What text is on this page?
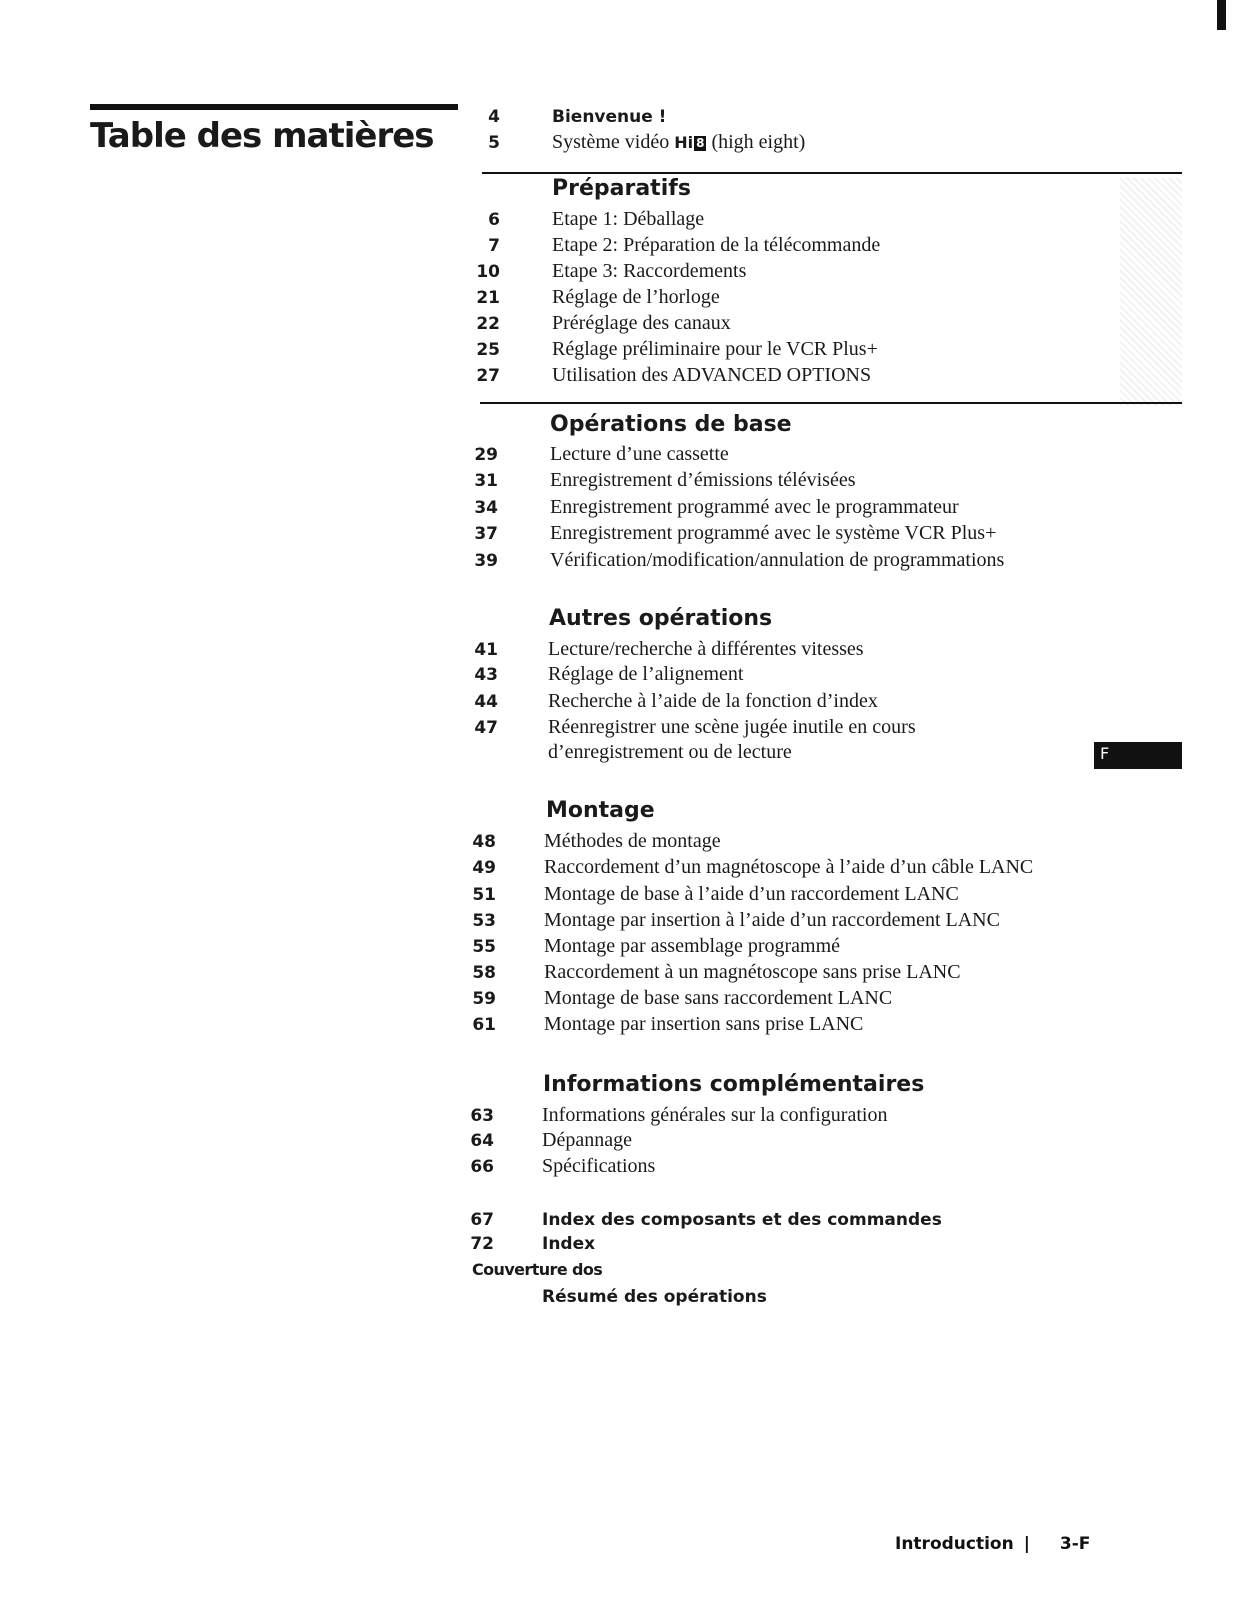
Table des matières	4	Bienvenue !
5	Système vidéo Hi 8 (high eight)
Préparatifs
6	Etape 1: Déballage
7	Etape 2: Préparation de la télécommande
10	Etape 3: Raccordements
21	Réglage de l’horloge
22	Préréglage des canaux
25	Réglage préliminaire pour le VCR Plus+
27	Utilisation des ADVANCED OPTIONS
Opérations de base
29	Lecture d’une cassette
31	Enregistrement d’émissions télévisées
34	Enregistrement programmé avec le programmateur
37	Enregistrement programmé avec le système VCR Plus+
39	Vérification/modification/annulation de programmations
Autres opérations
41	Lecture/recherche à différentes vitesses
43	Réglage de l’alignement
44	Recherche à l’aide de la fonction d’index
47	Réenregistrer une scène jugée inutile en cours
d’enregistrement ou de lecture	F
Montage
48 Méthodes de montage
49 Raccordement d’un magnétoscope à l’aide d’un câble LANC
51 Montage de base à l’aide d’un raccordement LANC
53 Montage par insertion à l’aide d’un raccordement LANC
55 Montage par assemblage programmé
58 Raccordement à un magnétoscope sans prise LANC
59 Montage de base sans raccordement LANC
61 Montage par insertion sans prise LANC
Informations complémentaires
63 Informations générales sur la configuration
64 Dépannage
66 Spécifications
67	Index des composants et des commandes
72	Index
Couverture dos
Résumé des opérations
Introduction | 3-F
